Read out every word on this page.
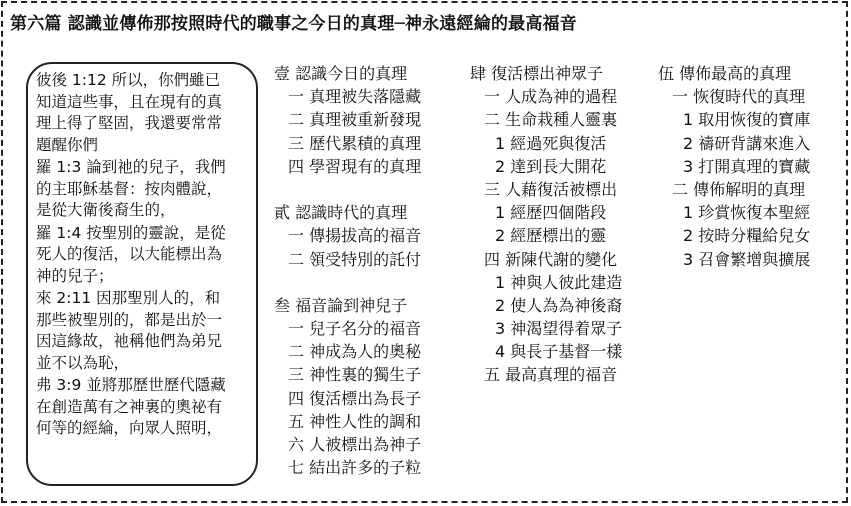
第六篇 認識並傳佈那按照時代的職事之今日的真理─神永遠經綸的最高福音
彼後 1:12 所以，你們雖已
知道這些事，且在現有的真
理上得了堅固，我還要常常
題醒你們
羅 1:3 論到祂的兒子，我們
的主耶穌基督：按肉體說，
是從大衛後裔生的，
羅 1:4 按聖別的靈說，是從
死人的復活，以大能標出為
神的兒子；
來 2:11 因那聖別人的，和
那些被聖別的，都是出於一
因這緣故，祂稱他們為弟兄
並不以為恥，
弗 3:9 並將那歷世歷代隱藏
在創造萬有之神裏的奧祕有
何等的經綸，向眾人照明，
壹 認識今日的真理
一 真理被失落隱藏
二 真理被重新發現
三 歷代累積的真理
四 學習現有的真理
貳 認識時代的真理
一 傳揚拔高的福音
二 領受特別的託付
叁 福音論到神兒子
一 兒子名分的福音
二 神成為人的奧秘
三 神性裏的獨生子
四 復活標出為長子
五 神性人性的調和
六 人被標出為神子
七 結出許多的子粒
肆 復活標出神眾子
一 人成為神的過程
二 生命栽種人靈裏
1 經過死與復活
2 達到長大開花
三 人藉復活被標出
1 經歷四個階段
2 經歷標出的靈
四 新陳代謝的變化
1 神與人彼此建造
2 使人為為神後裔
3 神渴望得着眾子
4 與長子基督一樣
五 最高真理的福音
伍 傳佈最高的真理
一 恢復時代的真理
1 取用恢復的寶庫
2 禱研背講來進入
3 打開真理的寶藏
二 傳佈解明的真理
1 珍賞恢復本聖經
2 按時分糧給兒女
3 召會繁增與擴展
